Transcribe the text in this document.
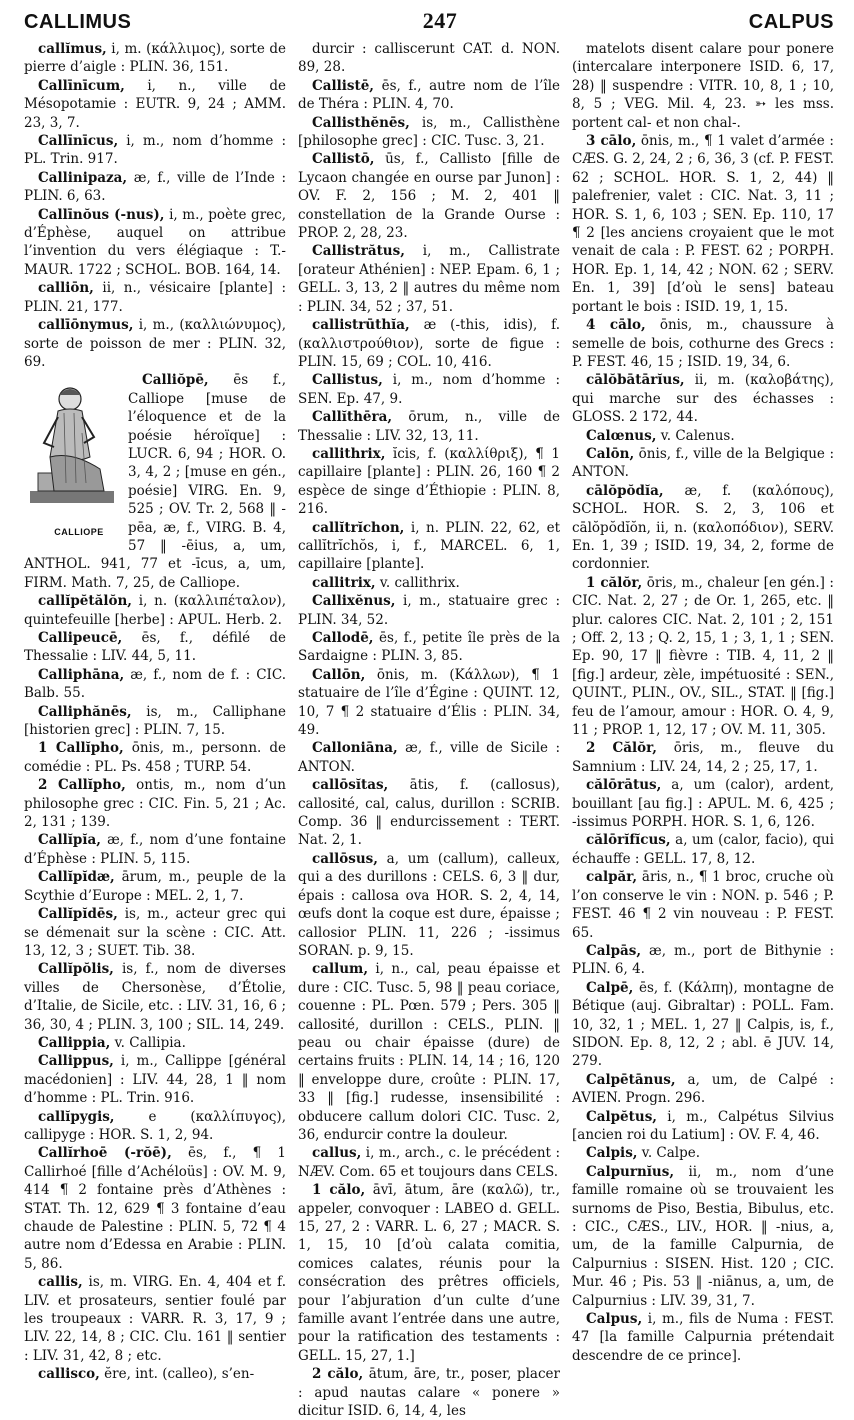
CALLIMUS	247	CALPUS

callĭmus, i, m. (κάλλιμος), sorte de pierre d’aigle : PLIN. 36, 151.

Callīnīcum, i, n., ville de Mésopotamie : EUTR. 9, 24 ; AMM. 23, 3, 7.

Callīnīcus, i, m., nom d’homme : PL. Trin. 917.

Callinipaza, æ, f., ville de l’Inde : PLIN. 6, 63.

Callīnŏus (-nus), i, m., poète grec, d’Éphèse, auquel on attribue l’invention du vers élégiaque : T.-MAUR. 1722 ; SCHOL. BOB. 164, 14.

calliōn, ii, n., vésicaire [plante] : PLIN. 21, 177.

callīōnymus, i, m., (καλλιώνυμος), sorte de poisson de mer : PLIN. 32, 69.

CALLIOPE
Calliŏpē, ēs f., Calliope [muse de l’éloquence et de la poésie héroïque] : LUCR. 6, 94 ; HOR. O. 3, 4, 2 ; [muse en gén., poésie] VIRG. En. 9, 525 ; OV. Tr. 2, 568 ‖ -pēa, æ, f., VIRG. B. 4, 57 ‖ -ēius, a, um, ANTHOL. 941, 77 et -īcus, a, um, FIRM. Math. 7, 25, de Calliope.

callĭpĕtălŏn, i, n. (καλλιπέταλον), quintefeuille [herbe] : APUL. Herb. 2.

Callipeucē, ēs, f., défilé de Thessalie : LIV. 44, 5, 11.

Calliphāna, æ, f., nom de f. : CIC. Balb. 55.

Calliphănēs, is, m., Calliphane [historien grec] : PLIN. 7, 15.

1 Callĭpho, ōnis, m., personn. de comédie : PL. Ps. 458 ; TURP. 54.

2 Callĭpho, ontis, m., nom d’un philosophe grec : CIC. Fin. 5, 21 ; Ac. 2, 131 ; 139.

Callĭpĭa, æ, f., nom d’une fontaine d’Éphèse : PLIN. 5, 115.

Callĭpĭdæ, ārum, m., peuple de la Scythie d’Europe : MEL. 2, 1, 7.

Callĭpĭdēs, is, m., acteur grec qui se démenait sur la scène : CIC. Att. 13, 12, 3 ; SUET. Tib. 38.

Callĭpŏlis, is, f., nom de diverses villes de Chersonèse, d’Étolie, d’Italie, de Sicile, etc. : LIV. 31, 16, 6 ; 36, 30, 4 ; PLIN. 3, 100 ; SIL. 14, 249.

Callippia, v. Callipia.

Callippus, i, m., Callippe [général macédonien] : LIV. 44, 28, 1 ‖ nom d’homme : PL. Trin. 916.

callĭpygis, e (καλλίπυγος), callipyge : HOR. S. 1, 2, 94.

Callĭrhoē (-rŏē), ēs, f., ¶ 1 Callirhoé [fille d’Achéloüs] : OV. M. 9, 414 ¶ 2 fontaine près d’Athènes : STAT. Th. 12, 629 ¶ 3 fontaine d’eau chaude de Palestine : PLIN. 5, 72 ¶ 4 autre nom d’Edessa en Arabie : PLIN. 5, 86.

callis, is, m. VIRG. En. 4, 404 et f. LIV. et prosateurs, sentier foulé par les troupeaux : VARR. R. 3, 17, 9 ; LIV. 22, 14, 8 ; CIC. Clu. 161 ‖ sentier : LIV. 31, 42, 8 ; etc.

callisco, ĕre, int. (calleo), s’en-

durcir : calliscerunt CAT. d. NON. 89, 28.

Callistē, ēs, f., autre nom de l’île de Théra : PLIN. 4, 70.

Callisthĕnēs, is, m., Callisthène [philosophe grec] : CIC. Tusc. 3, 21.

Callistō, ūs, f., Callisto [fille de Lycaon changée en ourse par Junon] : OV. F. 2, 156 ; M. 2, 401 ‖ constellation de la Grande Ourse : PROP. 2, 28, 23.

Callistrătus, i, m., Callistrate [orateur Athénien] : NEP. Epam. 6, 1 ; GELL. 3, 13, 2 ‖ autres du même nom : PLIN. 34, 52 ; 37, 51.

callistrūthĭa, æ (-this, idis), f. (καλλιστρούθιον), sorte de figue : PLIN. 15, 69 ; COL. 10, 416.

Callistus, i, m., nom d’homme : SEN. Ep. 47, 9.

Callĭthēra, ōrum, n., ville de Thessalie : LIV. 32, 13, 11.

callithrix, ĭcis, f. (καλλίθριξ), ¶ 1 capillaire [plante] : PLIN. 26, 160 ¶ 2 espèce de singe d’Éthiopie : PLIN. 8, 216.

callĭtrĭchon, i, n. PLIN. 22, 62, et callĭtrĭchŏs, i, f., MARCEL. 6, 1, capillaire [plante].

callitrix, v. callithrix.

Callixĕnus, i, m., statuaire grec : PLIN. 34, 52.

Callodē, ēs, f., petite île près de la Sardaigne : PLIN. 3, 85.

Callōn, ōnis, m. (Κάλλων), ¶ 1 statuaire de l’île d’Égine : QUINT. 12, 10, 7 ¶ 2 statuaire d’Élis : PLIN. 34, 49.

Calloniāna, æ, f., ville de Sicile : ANTON.

callōsĭtas, ātis, f. (callosus), callosité, cal, calus, durillon : SCRIB. Comp. 36 ‖ endurcissement : TERT. Nat. 2, 1.

callōsus, a, um (callum), calleux, qui a des durillons : CELS. 6, 3 ‖ dur, épais : callosa ova HOR. S. 2, 4, 14, œufs dont la coque est dure, épaisse ; callosior PLIN. 11, 226 ; -issimus SORAN. p. 9, 15.

callum, i, n., cal, peau épaisse et dure : CIC. Tusc. 5, 98 ‖ peau coriace, couenne : PL. Pœn. 579 ; Pers. 305 ‖ callosité, durillon : CELS., PLIN. ‖ peau ou chair épaisse (dure) de certains fruits : PLIN. 14, 14 ; 16, 120 ‖ enveloppe dure, croûte : PLIN. 17, 33 ‖ [fig.] rudesse, insensibilité : obducere callum dolori CIC. Tusc. 2, 36, endurcir contre la douleur.

callus, i, m., arch., c. le précédent : NÆV. Com. 65 et toujours dans CELS.

1 călo, āvī, ātum, āre (καλῶ), tr., appeler, convoquer : LABEO d. GELL. 15, 27, 2 : VARR. L. 6, 27 ; MACR. S. 1, 15, 10 [d’où calata comitia, comices calates, réunis pour la consécration des prêtres officiels, pour l’abjuration d’un culte d’une famille avant l’entrée dans une autre, pour la ratification des testaments : GELL. 15, 27, 1.]

2 călo, ātum, āre, tr., poser, placer : apud nautas calare « ponere » dicitur ISID. 6, 14, 4, les

matelots disent calare pour ponere (intercalare interponere ISID. 6, 17, 28) ‖ suspendre : VITR. 10, 8, 1 ; 10, 8, 5 ; VEG. Mil. 4, 23. ➳ les mss. portent cal- et non chal-.

3 cālo, ōnis, m., ¶ 1 valet d’armée : CÆS. G. 2, 24, 2 ; 6, 36, 3 (cf. P. FEST. 62 ; SCHOL. HOR. S. 1, 2, 44) ‖ palefrenier, valet : CIC. Nat. 3, 11 ; HOR. S. 1, 6, 103 ; SEN. Ep. 110, 17 ¶ 2 [les anciens croyaient que le mot venait de cala : P. FEST. 62 ; PORPH. HOR. Ep. 1, 14, 42 ; NON. 62 ; SERV. En. 1, 39] [d’où le sens] bateau portant le bois : ISID. 19, 1, 15.

4 cālo, ōnis, m., chaussure à semelle de bois, cothurne des Grecs : P. FEST. 46, 15 ; ISID. 19, 34, 6.

cālŏbātārĭus, ii, m. (καλοβάτης), qui marche sur des échasses : GLOSS. 2 172, 44.

Calœnus, v. Calenus.

Calōn, ōnis, f., ville de la Belgique : ANTON.

cālŏpŏdĭa, æ, f. (καλόπους), SCHOL. HOR. S. 2, 3, 106 et cālŏpŏdĭŏn, ii, n. (καλοπόδιον), SERV. En. 1, 39 ; ISID. 19, 34, 2, forme de cordonnier.

1 călŏr, ōris, m., chaleur [en gén.] : CIC. Nat. 2, 27 ; de Or. 1, 265, etc. ‖ plur. calores CIC. Nat. 2, 101 ; 2, 151 ; Off. 2, 13 ; Q. 2, 15, 1 ; 3, 1, 1 ; SEN. Ep. 90, 17 ‖ fièvre : TIB. 4, 11, 2 ‖ [fig.] ardeur, zèle, impétuosité : SEN., QUINT., PLIN., OV., SIL., STAT. ‖ [fig.] feu de l’amour, amour : HOR. O. 4, 9, 11 ; PROP. 1, 12, 17 ; OV. M. 11, 305.

2 Călŏr, ōris, m., fleuve du Samnium : LIV. 24, 14, 2 ; 25, 17, 1.

călōrātus, a, um (calor), ardent, bouillant [au fig.] : APUL. M. 6, 425 ; -issimus PORPH. HOR. S. 1, 6, 126.

călōrĭfĭcus, a, um (calor, facio), qui échauffe : GELL. 17, 8, 12.

calpăr, āris, n., ¶ 1 broc, cruche où l’on conserve le vin : NON. p. 546 ; P. FEST. 46 ¶ 2 vin nouveau : P. FEST. 65.

Calpās, æ, m., port de Bithynie : PLIN. 6, 4.

Calpē, ēs, f. (Κάλπη), montagne de Bétique (auj. Gibraltar) : POLL. Fam. 10, 32, 1 ; MEL. 1, 27 ‖ Calpis, is, f., SIDON. Ep. 8, 12, 2 ; abl. ē JUV. 14, 279.

Calpētānus, a, um, de Calpé : AVIEN. Progn. 296.

Calpĕtus, i, m., Calpétus Silvius [ancien roi du Latium] : OV. F. 4, 46.

Calpis, v. Calpe.

Calpurnĭus, ii, m., nom d’une famille romaine où se trouvaient les surnoms de Piso, Bestia, Bibulus, etc. : CIC., CÆS., LIV., HOR. ‖ -nius, a, um, de la famille Calpurnia, de Calpurnius : SISEN. Hist. 120 ; CIC. Mur. 46 ; Pis. 53 ‖ -niānus, a, um, de Calpurnius : LIV. 39, 31, 7.

Calpus, i, m., fils de Numa : FEST. 47 [la famille Calpurnia prétendait descendre de ce prince].
